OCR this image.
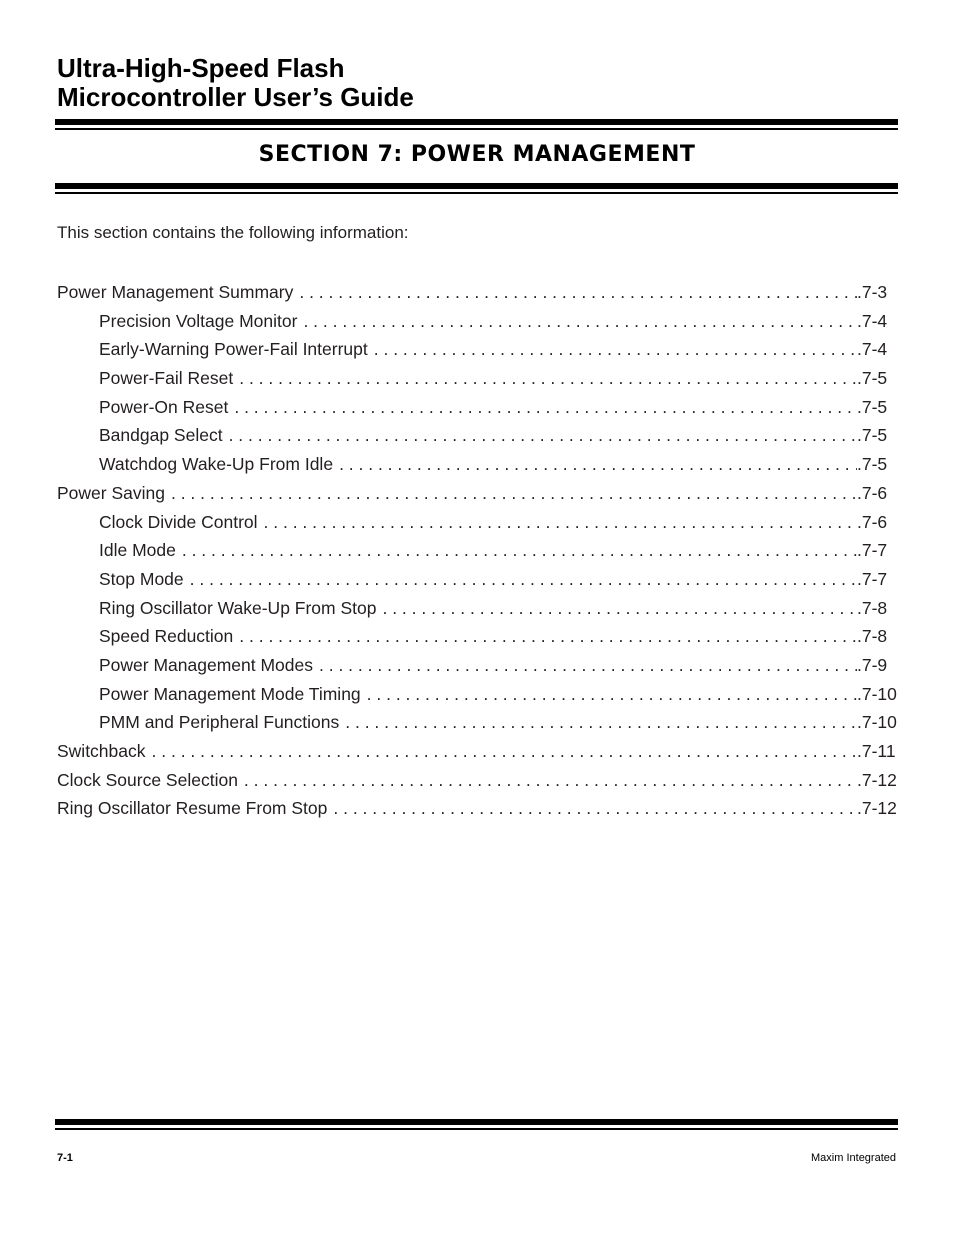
Ultra-High-Speed Flash
Microcontroller User’s Guide
SECTION 7: POWER MANAGEMENT

This section contains the following information:

Power Management Summary . . .	.7-3
Precision Voltage Monitor . . .	.7-4
Early-Warning Power-Fail Interrupt . . .	.7-4
Power-Fail Reset . . .	.7-5
Power-On Reset . . .	.7-5
Bandgap Select . . .	.7-5
Watchdog Wake-Up From Idle . . .	.7-5
Power Saving . . .	.7-6
Clock Divide Control . . .	.7-6
Idle Mode . . .	.7-7
Stop Mode . . .	.7-7
Ring Oscillator Wake-Up From Stop . . .	.7-8
Speed Reduction . . .	.7-8
Power Management Modes . . .	.7-9
Power Management Mode Timing . . .	.7-10
PMM and Peripheral Functions . . .	.7-10
Switchback . . .	.7-11
Clock Source Selection . . .	.7-12
Ring Oscillator Resume From Stop . . .	.7-12

7-1	Maxim Integrated
